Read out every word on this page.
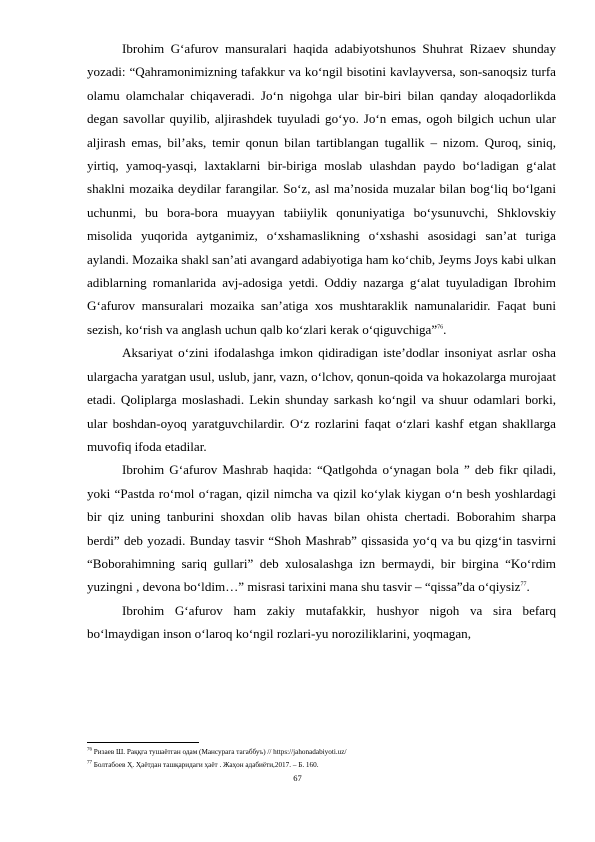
Ibrohim G‘afurov mansuralari haqida adabiyotshunos Shuhrat Rizaev shunday yozadi: “Qahramonimizning tafakkur va ko‘ngil bisotini kavlayversa, son-sanoqsiz turfa olamu olamchalar chiqaveradi. Jo‘n nigohga ular bir-biri bilan qanday aloqadorlikda degan savollar quyilib, aljirashdek tuyuladi go‘yo. Jo‘n emas, ogoh bilgich uchun ular aljirash emas, bil’aks, temir qonun bilan tartiblangan tugallik – nizom. Quroq, siniq, yirtiq, yamoq-yasqi, laxtaklarni bir-biriga moslab ulashdan paydo bo‘ladigan g‘alat shaklni mozaika deydilar farangilar. So‘z, asl ma’nosida muzalar bilan bog‘liq bo‘lgani uchunmi, bu bora-bora muayyan tabiiylik qonuniyatiga bo‘ysunuvchi, Shklovskiy misolida yuqorida aytganimiz, o‘xshamaslikning o‘xshashi asosidagi san’at turiga aylandi. Mozaika shakl san’ati avangard adabiyotiga ham ko‘chib, Jeyms Joys kabi ulkan adiblarning romanlarida avj-adosiga yetdi. Oddiy nazarga g‘alat tuyuladigan Ibrohim G‘afurov mansuralari mozaika san’atiga xos mushtaraklik namunalaridir. Faqat buni sezish, ko‘rish va anglash uchun qalb ko‘zlari kerak o‘qiguvchiga”$^{76}$.

Aksariyat o‘zini ifodalashga imkon qidiradigan iste’dodlar insoniyat asrlar osha ulargacha yaratgan usul, uslub, janr, vazn, o‘lchov, qonun-qoida va hokazolarga murojaat etadi. Qoliplarga moslashadi. Lekin shunday sarkash ko‘ngil va shuur odamlari borki, ular boshdan-oyoq yaratguvchilardir. O‘z rozlarini faqat o‘zlari kashf etgan shakllarga muvofiq ifoda etadilar.

Ibrohim G‘afurov Mashrab haqida: “Qatlgohda o‘ynagan bola ” deb fikr qiladi, yoki “Pastda ro‘mol o‘ragan, qizil nimcha va qizil ko‘ylak kiygan o‘n besh yoshlardagi bir qiz uning tanburini shoxdan olib havas bilan ohista chertadi. Boborahim sharpa berdi” deb yozadi. Bunday tasvir “Shoh Mashrab” qissasida yo‘q va bu qizg‘in tasvirni “Boborahimning sariq gullari” deb xulosalashga izn bermaydi, bir birgina “Ko‘rdim yuzingni , devona bo‘ldim…” misrasi tarixini mana shu tasvir – “qissa”da o‘qiysiz$^{77}$.

Ibrohim G‘afurov ham zakiy mutafakkir, hushyor nigoh va sira befarq bo‘lmaydigan inson o‘laroq ko‘ngil rozlari-yu noroziliklarini, yoqmagan,

$^{76}$ Ризаев Ш. Раққга тушаётган одам (Мансурага тагаббуъ) // https://jahonadabiyoti.uz/

$^{77}$ Болтабоев Ҳ. Ҳаётдан ташқаридаги ҳаёт . Жаҳон адабиёти,2017. – Б. 160.

67
